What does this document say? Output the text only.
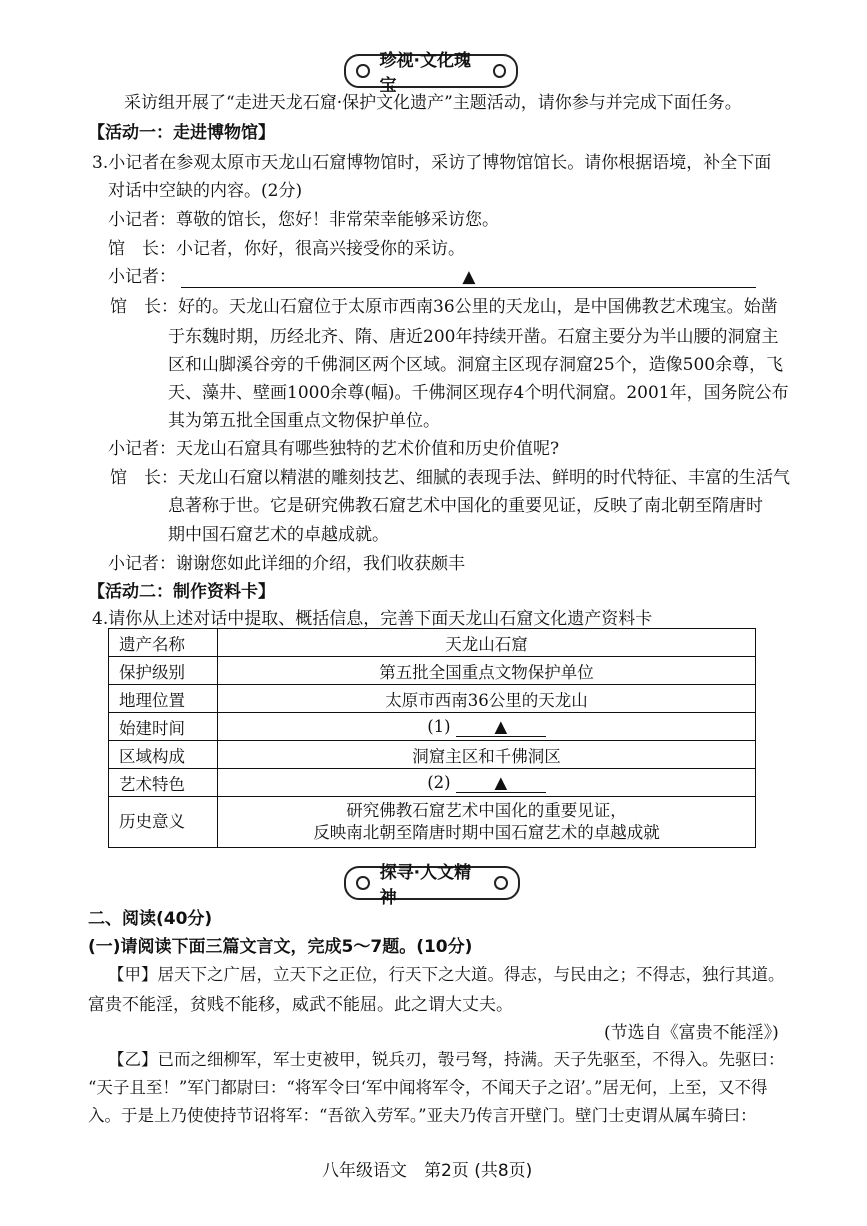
珍视·文化瑰宝
采访组开展了“走进天龙石窟·保护文化遗产”主题活动，请你参与并完成下面任务。
【活动一：走进博物馆】
3.小记者在参观太原市天龙山石窟博物馆时，采访了博物馆馆长。请你根据语境，补全下面
对话中空缺的内容。(2分)
小记者：尊敬的馆长，您好！非常荣幸能够采访您。
馆　长：小记者，你好，很高兴接受你的采访。
小记者：	▲
馆　长：好的。天龙山石窟位于太原市西南36公里的天龙山，是中国佛教艺术瑰宝。始凿
于东魏时期，历经北齐、隋、唐近200年持续开凿。石窟主要分为半山腰的洞窟主
区和山脚溪谷旁的千佛洞区两个区域。洞窟主区现存洞窟25个，造像500余尊，飞
天、藻井、壁画1000余尊(幅)。千佛洞区现存4个明代洞窟。2001年，国务院公布
其为第五批全国重点文物保护单位。
小记者：天龙山石窟具有哪些独特的艺术价值和历史价值呢?
馆　长：天龙山石窟以精湛的雕刻技艺、细腻的表现手法、鲜明的时代特征、丰富的生活气
息著称于世。它是研究佛教石窟艺术中国化的重要见证，反映了南北朝至隋唐时
期中国石窟艺术的卓越成就。
小记者：谢谢您如此详细的介绍，我们收获颇丰
【活动二：制作资料卡】
4.请你从上述对话中提取、概括信息，完善下面天龙山石窟文化遗产资料卡
遗产名称	天龙山石窟
保护级别	第五批全国重点文物保护单位
地理位置	太原市西南36公里的天龙山
始建时间	(1) ▲
区域构成	洞窟主区和千佛洞区
艺术特色	(2) ▲
历史意义	研究佛教石窟艺术中国化的重要见证，
反映南北朝至隋唐时期中国石窟艺术的卓越成就
探寻·人文精神
二、阅读(40分)
(一)请阅读下面三篇文言文，完成5～7题。(10分)
【甲】居天下之广居，立天下之正位，行天下之大道。得志，与民由之；不得志，独行其道。
富贵不能淫，贫贱不能移，威武不能屈。此之谓大丈夫。
(节选自《富贵不能淫》)
【乙】已而之细柳军，军士吏被甲，锐兵刃，彀弓弩，持满。天子先驱至，不得入。先驱曰：
“天子且至！”军门都尉曰：“将军令曰‘军中闻将军令，不闻天子之诏’。”居无何，上至，又不得
入。于是上乃使使持节诏将军：“吾欲入劳军。”亚夫乃传言开壁门。壁门士吏谓从属车骑曰：
八年级语文　第2页 (共8页)
